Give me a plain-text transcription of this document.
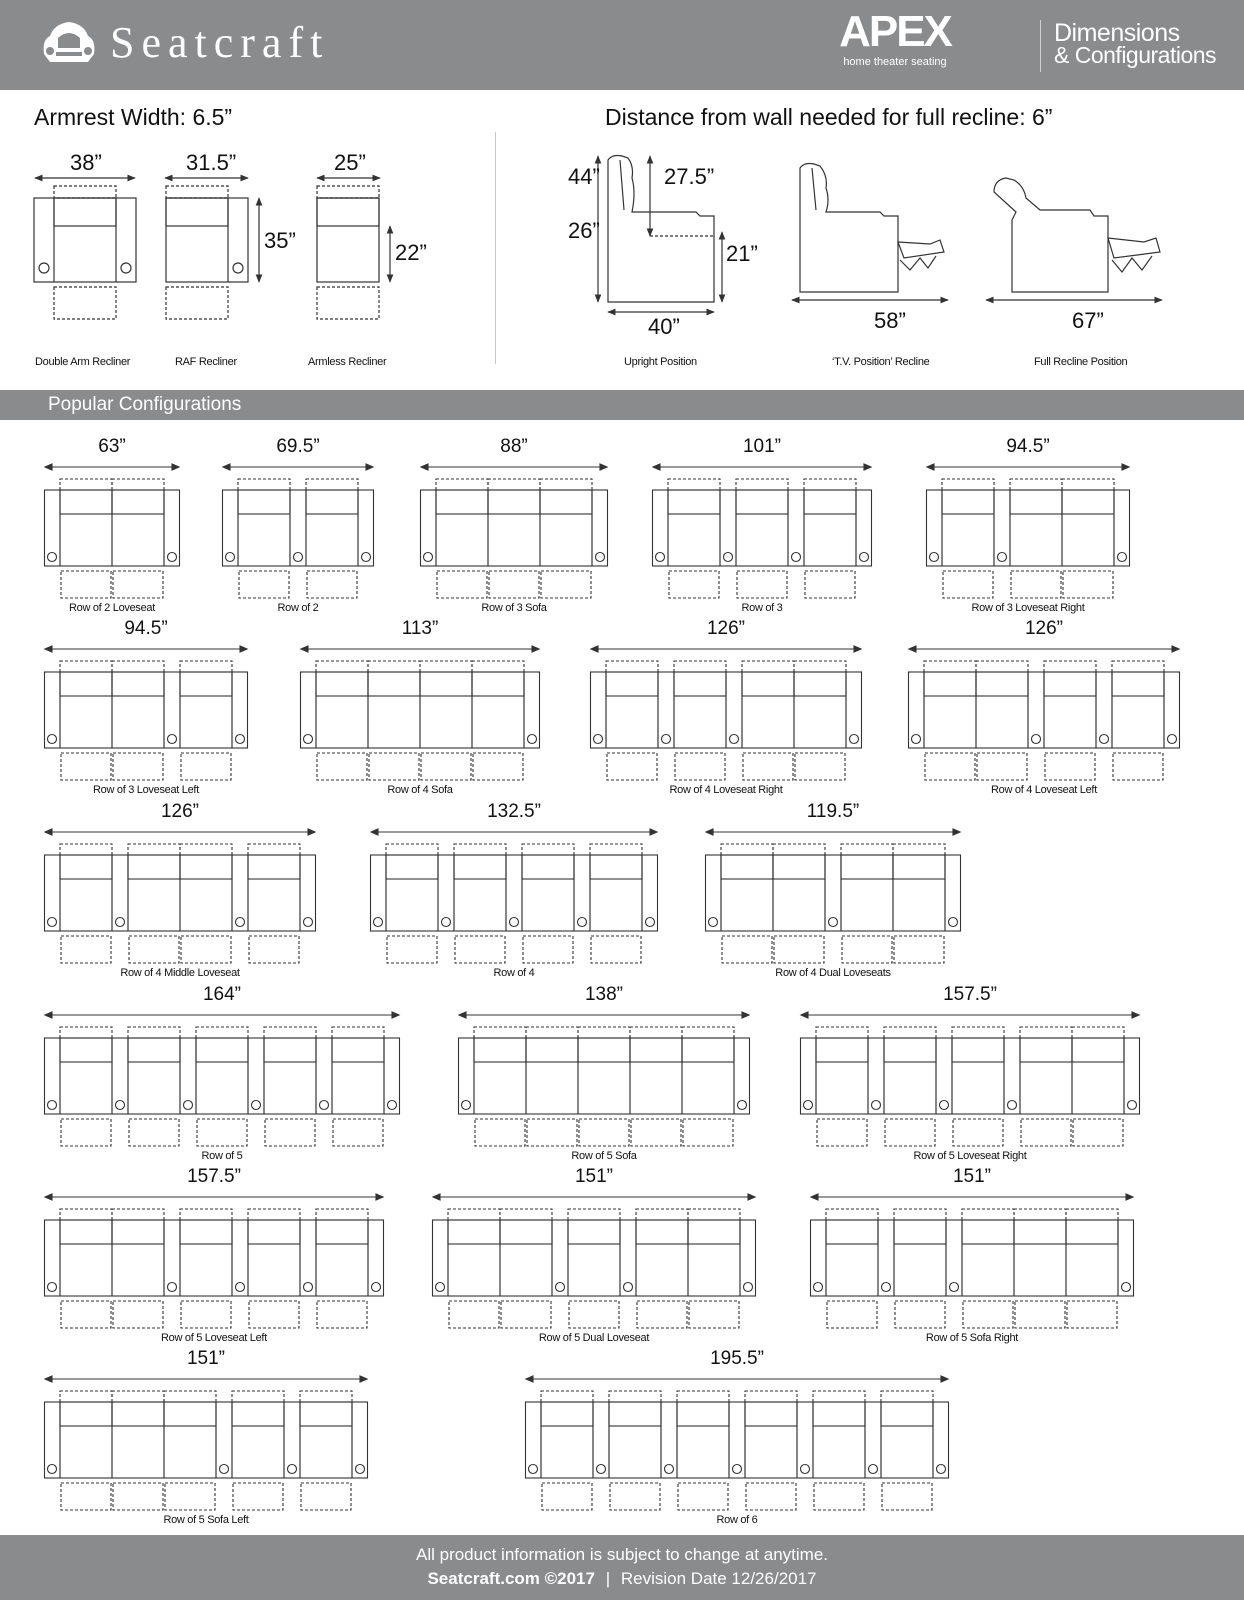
Seatcraft	APEX
home theater seating
Dimensions
& Configurations
Armrest Width: 6.5”	Distance from wall needed for full recline: 6”
38”	31.5”	25”
35”	22”
Double Arm Recliner	RAF Recliner	Armless Recliner
44”
26”
27.5”
21”
40”	58”	67”
Upright Position	‘T.V. Position’ Recline	Full Recline Position
Popular Configurations
63”
Row of 2 Loveseat
69.5”
Row of 2
88”
Row of 3 Sofa
101”
Row of 3
94.5”
Row of 3 Loveseat Right
94.5”
Row of 3 Loveseat Left
113”
Row of 4 Sofa
126”
Row of 4 Loveseat Right
126”
Row of 4 Loveseat Left
126”
Row of 4 Middle Loveseat
132.5”
Row of 4
119.5”
Row of 4 Dual Loveseats
164”
Row of 5
138”
Row of 5 Sofa
157.5”
Row of 5 Loveseat Right
157.5”
Row of 5 Loveseat Left
151”
Row of 5 Dual Loveseat
151”
Row of 5 Sofa Right
151”
Row of 5 Sofa Left
195.5”
Row of 6
All product information is subject to change at anytime.
Seatcraft.com ©2017 | Revision Date 12/26/2017
